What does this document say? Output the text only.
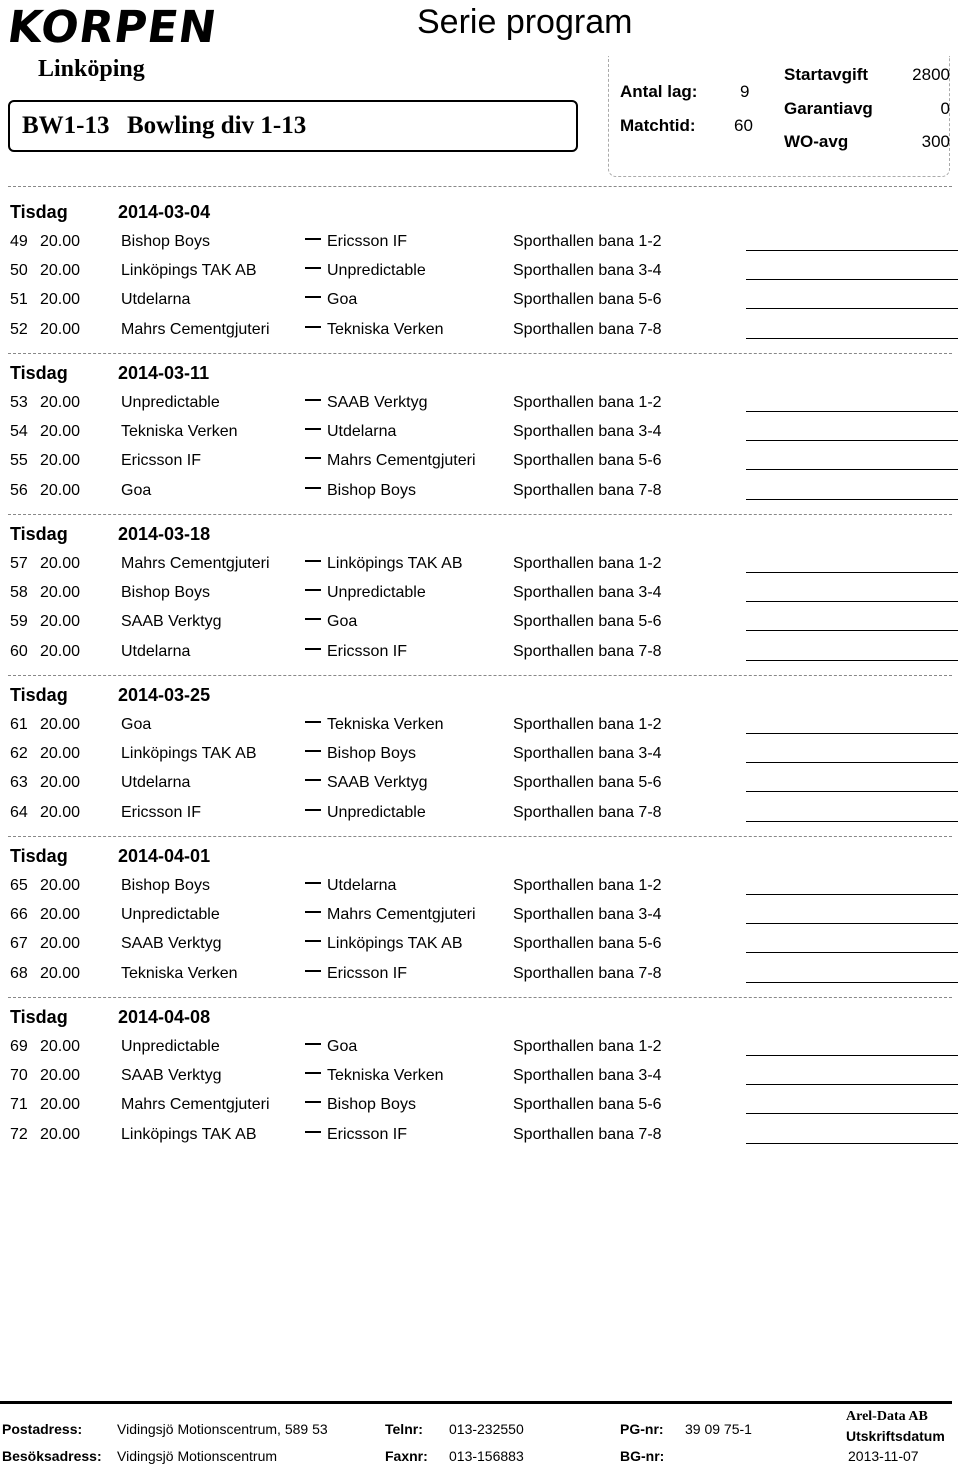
KORPEN
Linköping
Serie program
BW1-13 Bowling div 1-13
Antal lag:	9
Matchtid: 60
Startavgift	2800
Garantiavg	0
WO-avg	300
Tisdag	2014-03-04
49 20.00	Bishop Boys	Ericsson IF	Sporthallen bana 1-2
50 20.00	Linköpings TAK AB	Unpredictable	Sporthallen bana 3-4
51 20.00	Utdelarna	Goa	Sporthallen bana 5-6
52 20.00	Mahrs Cementgjuteri	Tekniska Verken	Sporthallen bana 7-8
Tisdag	2014-03-11
53 20.00	Unpredictable	SAAB Verktyg	Sporthallen bana 1-2
54 20.00	Tekniska Verken	Utdelarna	Sporthallen bana 3-4
55 20.00	Ericsson IF	Mahrs Cementgjuteri Sporthallen bana 5-6
56 20.00	Goa	Bishop Boys	Sporthallen bana 7-8
Tisdag	2014-03-18
57 20.00	Mahrs Cementgjuteri	Linköpings TAK AB	Sporthallen bana 1-2
58 20.00	Bishop Boys	Unpredictable	Sporthallen bana 3-4
59 20.00	SAAB Verktyg	Goa	Sporthallen bana 5-6
60 20.00	Utdelarna	Ericsson IF	Sporthallen bana 7-8
Tisdag	2014-03-25
61 20.00	Goa	Tekniska Verken	Sporthallen bana 1-2
62 20.00	Linköpings TAK AB	Bishop Boys	Sporthallen bana 3-4
63 20.00	Utdelarna	SAAB Verktyg	Sporthallen bana 5-6
64 20.00	Ericsson IF	Unpredictable	Sporthallen bana 7-8
Tisdag	2014-04-01
65 20.00	Bishop Boys	Utdelarna	Sporthallen bana 1-2
66 20.00	Unpredictable	Mahrs Cementgjuteri Sporthallen bana 3-4
67 20.00	SAAB Verktyg	Linköpings TAK AB	Sporthallen bana 5-6
68 20.00	Tekniska Verken	Ericsson IF	Sporthallen bana 7-8
Tisdag	2014-04-08
69 20.00	Unpredictable	Goa	Sporthallen bana 1-2
70 20.00	SAAB Verktyg	Tekniska Verken	Sporthallen bana 3-4
71 20.00	Mahrs Cementgjuteri	Bishop Boys	Sporthallen bana 5-6
72 20.00	Linköpings TAK AB	Ericsson IF	Sporthallen bana 7-8
Postadress: Vidingsjö Motionscentrum, 589 53
Besöksadress: Vidingsjö Motionscentrum
Telnr: 013-232550
Faxnr: 013-156883
PG-nr: 39 09 75-1
BG-nr:
Arel-Data AB
Utskriftsdatum
2013-11-07
